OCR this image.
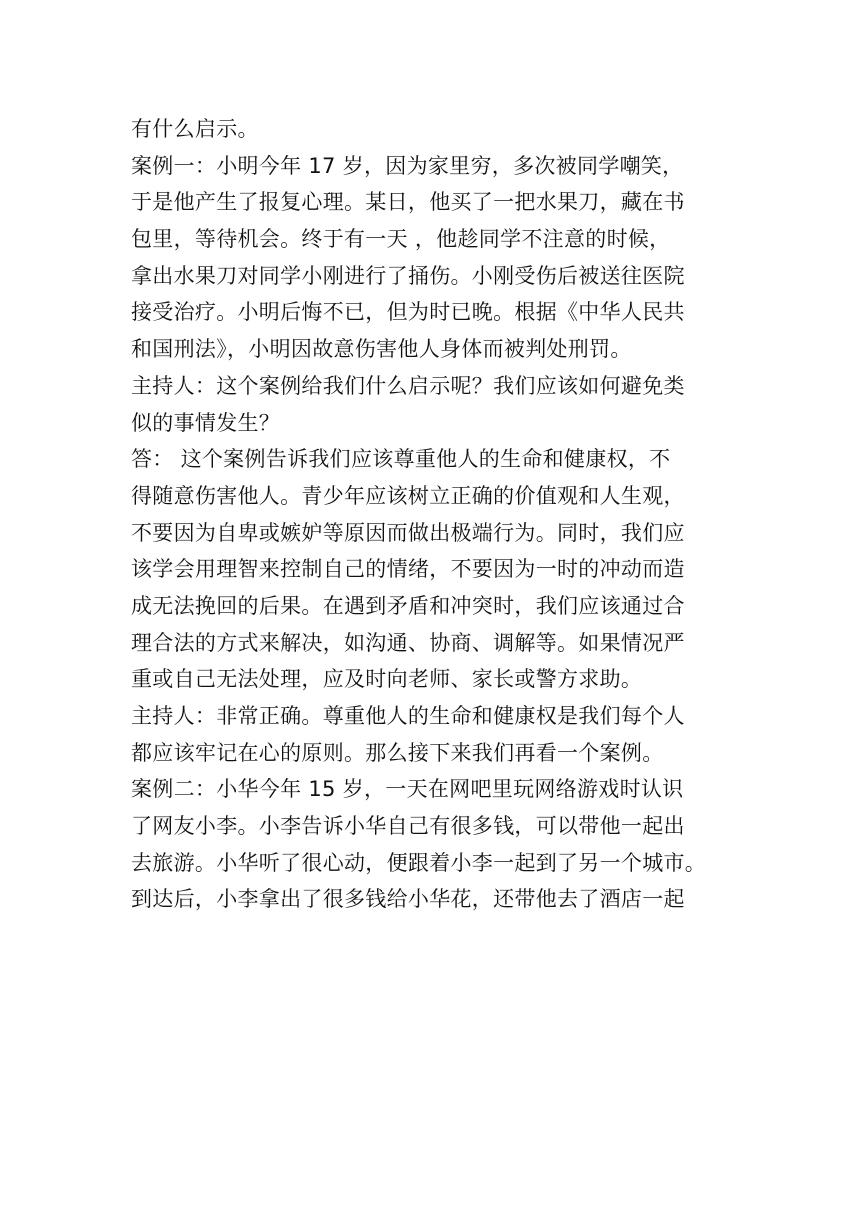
有什么启示。
案例一：小明今年 17 岁，因为家里穷，多次被同学嘲笑，
于是他产生了报复心理。某日，他买了一把水果刀，藏在书
包里，等待机会。终于有一天 ，他趁同学不注意的时候，
拿出水果刀对同学小刚进行了捅伤。小刚受伤后被送往医院
接受治疗。小明后悔不已，但为时已晚。根据《中华人民共
和国刑法》，小明因故意伤害他人身体而被判处刑罚。
主持人：这个案例给我们什么启示呢？我们应该如何避免类
似的事情发生？
答： 这个案例告诉我们应该尊重他人的生命和健康权，不
得随意伤害他人。青少年应该树立正确的价值观和人生观，
不要因为自卑或嫉妒等原因而做出极端行为。同时，我们应
该学会用理智来控制自己的情绪，不要因为一时的冲动而造
成无法挽回的后果。在遇到矛盾和冲突时，我们应该通过合
理合法的方式来解决，如沟通、协商、调解等。如果情况严
重或自己无法处理，应及时向老师、家长或警方求助。
主持人：非常正确。尊重他人的生命和健康权是我们每个人
都应该牢记在心的原则。那么接下来我们再看一个案例。
案例二：小华今年 15 岁，一天在网吧里玩网络游戏时认识
了网友小李。小李告诉小华自己有很多钱，可以带他一起出
去旅游。小华听了很心动，便跟着小李一起到了另一个城市。
到达后，小李拿出了很多钱给小华花，还带他去了酒店一起
